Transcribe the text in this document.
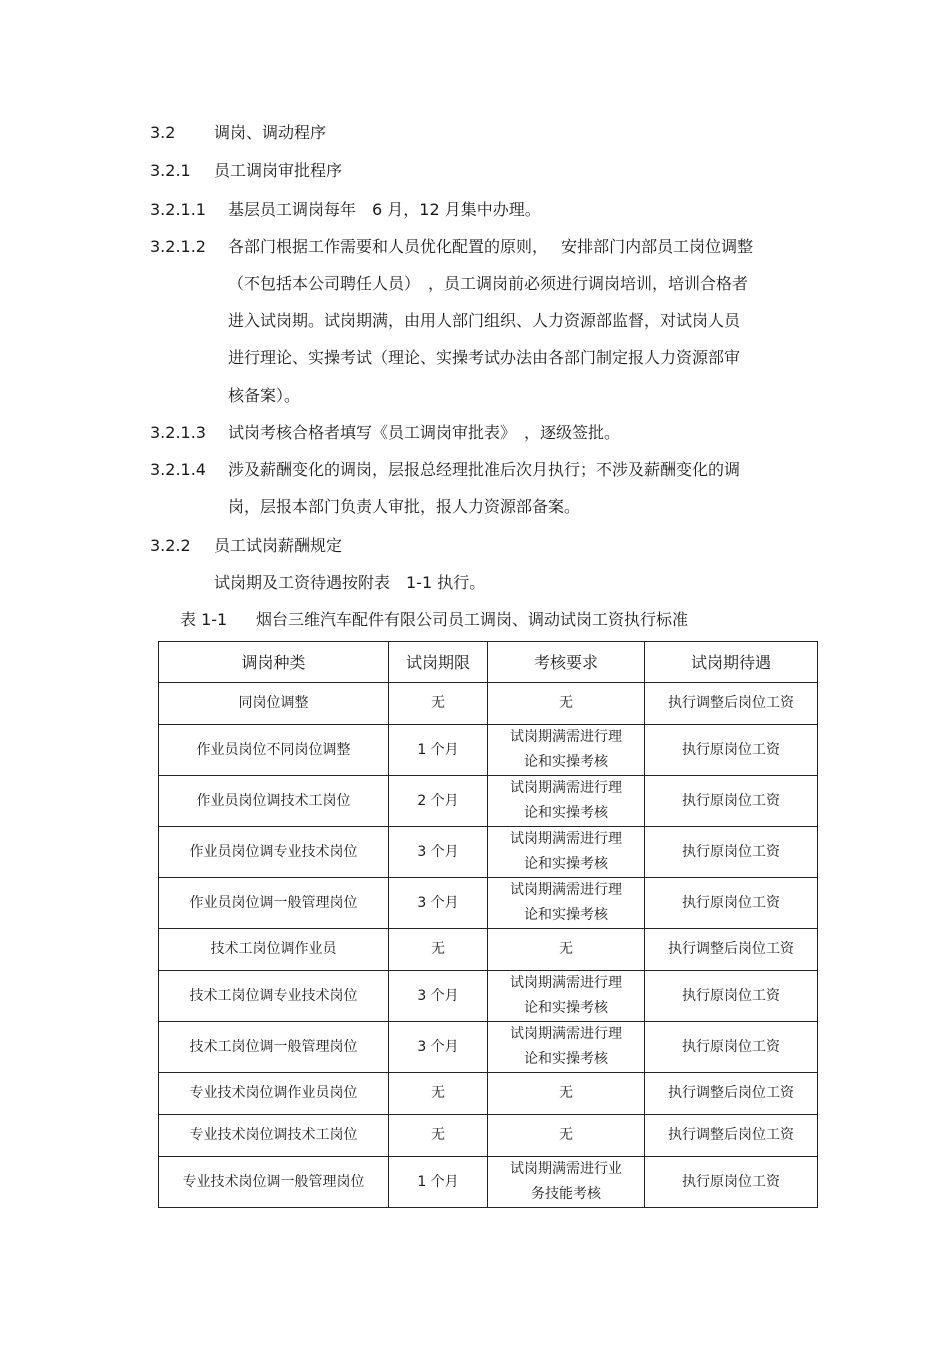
3.2 调岗、调动程序
3.2.1 员工调岗审批程序
3.2.1.1 基层员工调岗每年　6 月，12 月集中办理。
3.2.1.2 各部门根据工作需要和人员优化配置的原则，　 安排部门内部员工岗位调整
（不包括本公司聘任人员）　，员工调岗前必须进行调岗培训，培训合格者
进入试岗期。试岗期满，由用人部门组织、人力资源部监督，对试岗人员
进行理论、实操考试（理论、实操考试办法由各部门制定报人力资源部审
核备案）。
3.2.1.3 试岗考核合格者填写《员工调岗审批表》　，逐级签批。
3.2.1.4 涉及薪酬变化的调岗，层报总经理批准后次月执行；不涉及薪酬变化的调
岗，层报本部门负责人审批，报人力资源部备案。
3.2.2 员工试岗薪酬规定
试岗期及工资待遇按附表　1-1 执行。
表 1-1 烟台三维汽车配件有限公司员工调岗、调动试岗工资执行标准
调岗种类	试岗期限	考核要求	试岗期待遇
同岗位调整	无	无	执行调整后岗位工资
作业员岗位不同岗位调整	1 个月	试岗期满需进行理论和实操考核	执行原岗位工资
作业员岗位调技术工岗位	2 个月	试岗期满需进行理论和实操考核	执行原岗位工资
作业员岗位调专业技术岗位	3 个月	试岗期满需进行理论和实操考核	执行原岗位工资
作业员岗位调一般管理岗位	3 个月	试岗期满需进行理论和实操考核	执行原岗位工资
技术工岗位调作业员	无	无	执行调整后岗位工资
技术工岗位调专业技术岗位	3 个月	试岗期满需进行理论和实操考核	执行原岗位工资
技术工岗位调一般管理岗位	3 个月	试岗期满需进行理论和实操考核	执行原岗位工资
专业技术岗位调作业员岗位	无	无	执行调整后岗位工资
专业技术岗位调技术工岗位	无	无	执行调整后岗位工资
专业技术岗位调一般管理岗位	1 个月	试岗期满需进行业务技能考核	执行原岗位工资
